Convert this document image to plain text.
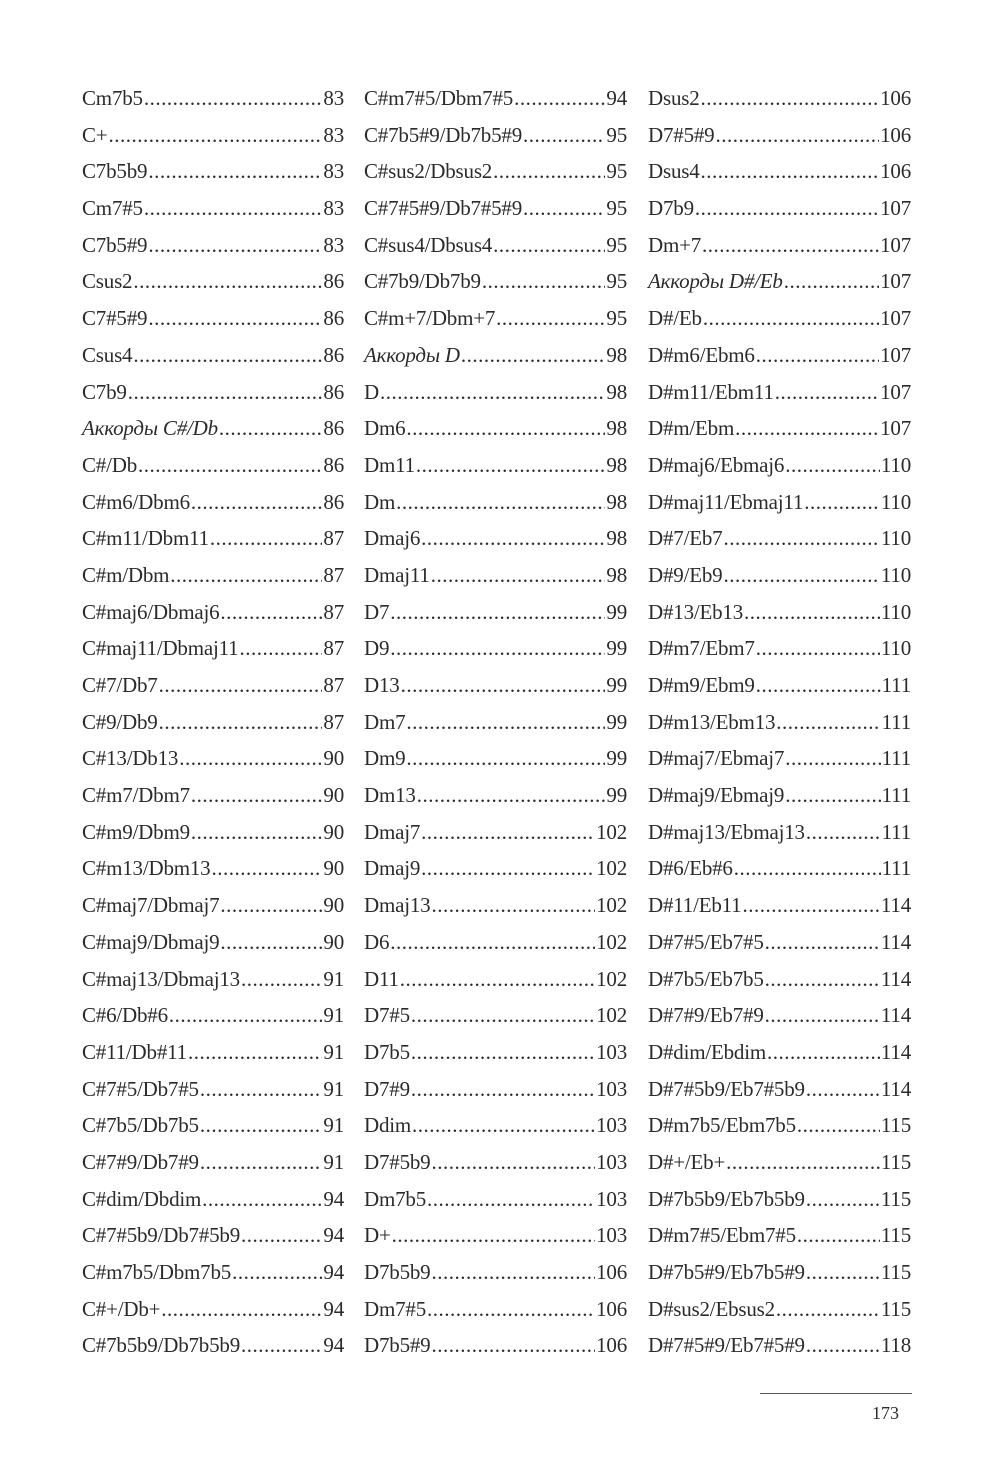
Cm7b5 .....	83
C+ .....	83
C7b5b9 .....	83
Cm7#5 .....	83
C7b5#9 .....	83
Csus2 .....	86
C7#5#9 .....	86
Csus4 .....	86
C7b9 .....	86
Аккорды C#/Db .....	86
C#/Db .....	86
C#m6/Dbm6 .....	86
C#m11/Dbm11 .....	87
C#m/Dbm .....	87
C#maj6/Dbmaj6 .....	87
C#maj11/Dbmaj11 .....	87
C#7/Db7 .....	87
C#9/Db9 .....	87
C#13/Db13 .....	90
C#m7/Dbm7 .....	90
C#m9/Dbm9 .....	90
C#m13/Dbm13 .....	90
C#maj7/Dbmaj7 .....	90
C#maj9/Dbmaj9 .....	90
C#maj13/Dbmaj13 .....	91
C#6/Db#6 .....	91
C#11/Db#11 .....	91
C#7#5/Db7#5 .....	91
C#7b5/Db7b5 .....	91
C#7#9/Db7#9 .....	91
C#dim/Dbdim .....	94
C#7#5b9/Db7#5b9 .....	94
C#m7b5/Dbm7b5 .....	94
C#+/Db+ .....	94
C#7b5b9/Db7b5b9 .....	94
C#m7#5/Dbm7#5 .....	94
C#7b5#9/Db7b5#9 .....	95
C#sus2/Dbsus2 .....	95
C#7#5#9/Db7#5#9 .....	95
C#sus4/Dbsus4 .....	95
C#7b9/Db7b9 .....	95
C#m+7/Dbm+7 .....	95
Аккорды D .....	98
D .....	98
Dm6 .....	98
Dm11 .....	98
Dm .....	98
Dmaj6 .....	98
Dmaj11 .....	98
D7 .....	99
D9 .....	99
D13 .....	99
Dm7 .....	99
Dm9 .....	99
Dm13 .....	99
Dmaj7 .....	102
Dmaj9 .....	102
Dmaj13 .....	102
D6 .....	102
D11 .....	102
D7#5 .....	102
D7b5 .....	103
D7#9 .....	103
Ddim .....	103
D7#5b9 .....	103
Dm7b5 .....	103
D+ .....	103
D7b5b9 .....	106
Dm7#5 .....	106
D7b5#9 .....	106
Dsus2 .....	106
D7#5#9 .....	106
Dsus4 .....	106
D7b9 .....	107
Dm+7 .....	107
Аккорды D#/Eb .....	107
D#/Eb .....	107
D#m6/Ebm6 .....	107
D#m11/Ebm11 .....	107
D#m/Ebm .....	107
D#maj6/Ebmaj6 .....	110
D#maj11/Ebmaj11 .....	110
D#7/Eb7 .....	110
D#9/Eb9 .....	110
D#13/Eb13 .....	110
D#m7/Ebm7 .....	110
D#m9/Ebm9 .....	111
D#m13/Ebm13 .....	111
D#maj7/Ebmaj7 .....	111
D#maj9/Ebmaj9 .....	111
D#maj13/Ebmaj13 .....	111
D#6/Eb#6 .....	111
D#11/Eb11 .....	114
D#7#5/Eb7#5 .....	114
D#7b5/Eb7b5 .....	114
D#7#9/Eb7#9 .....	114
D#dim/Ebdim .....	114
D#7#5b9/Eb7#5b9 .....	114
D#m7b5/Ebm7b5 .....	115
D#+/Eb+ .....	115
D#7b5b9/Eb7b5b9 .....	115
D#m7#5/Ebm7#5 .....	115
D#7b5#9/Eb7b5#9 .....	115
D#sus2/Ebsus2 .....	115
D#7#5#9/Eb7#5#9 .....	118
173
